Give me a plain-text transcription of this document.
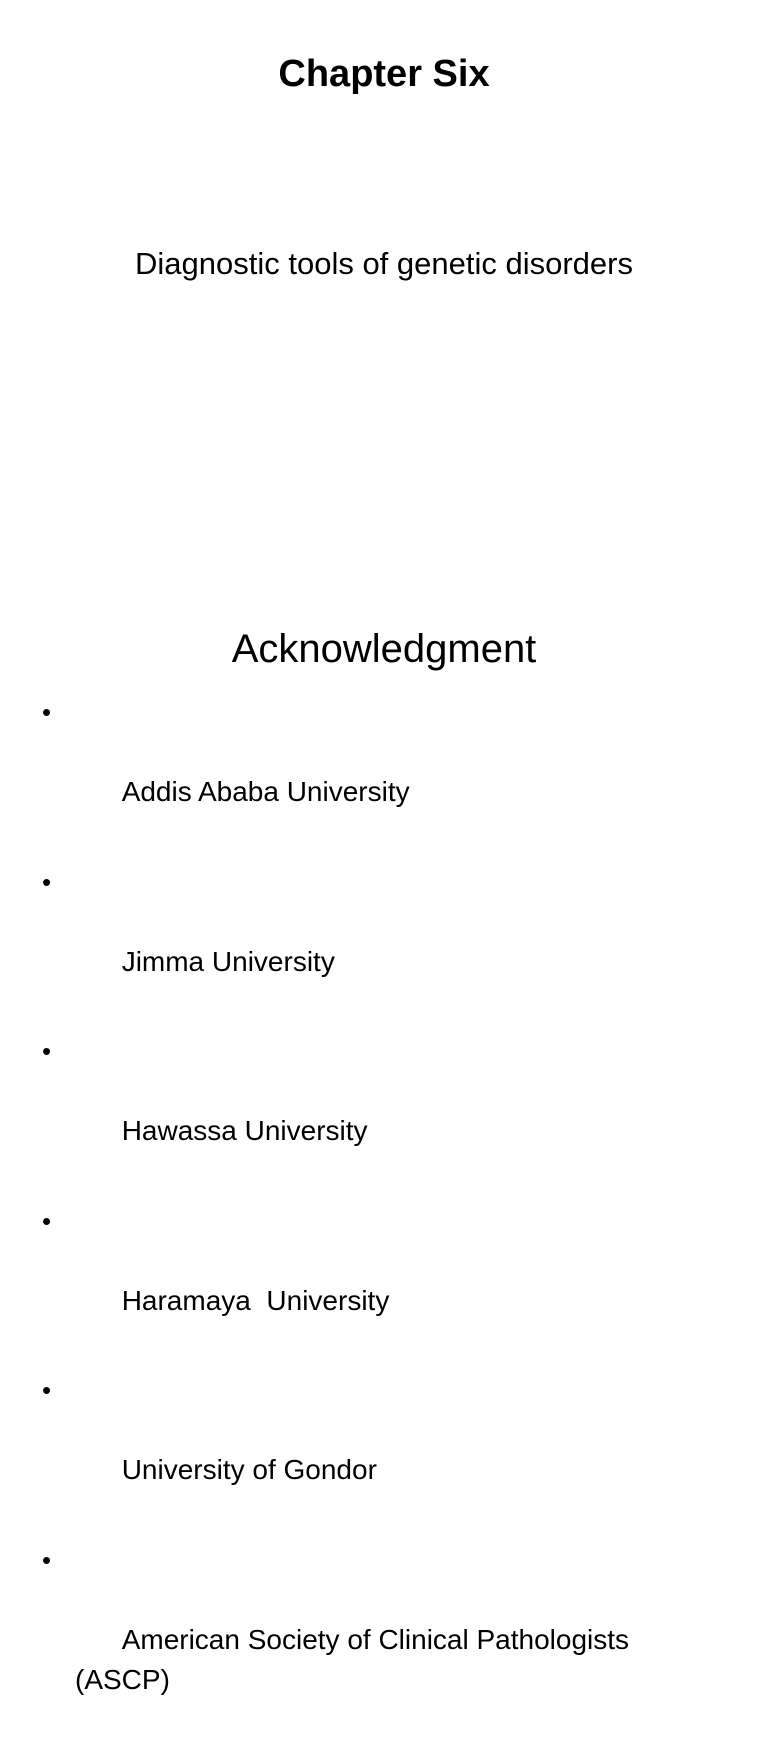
Chapter Six

Diagnostic tools of genetic disorders

Acknowledgment

•

Addis Ababa University

•

Jimma University

•

Hawassa University

•

Haramaya  University

•

University of Gondor

•

American Society of Clinical Pathologists (ASCP)
